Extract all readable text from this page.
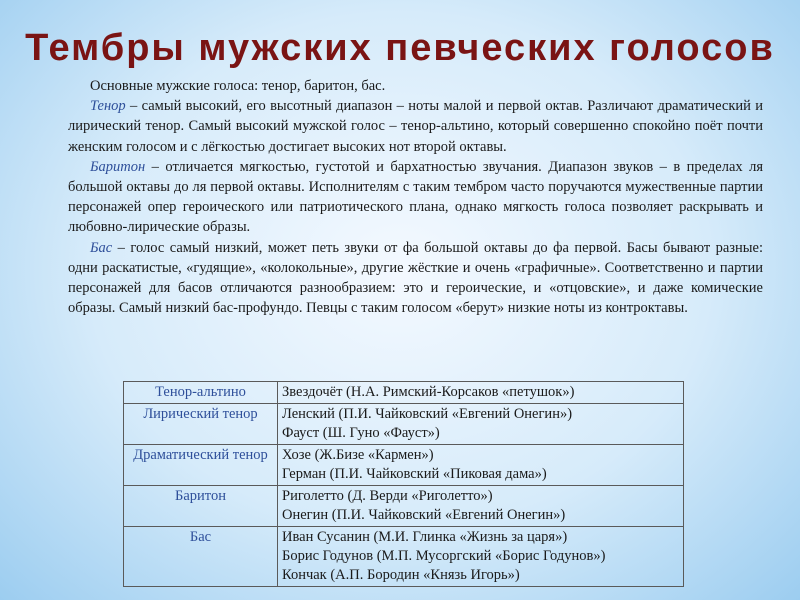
Тембры мужских певческих голосов
Основные мужские голоса: тенор, баритон, бас.

Тенор – самый высокий, его высотный диапазон – ноты малой и первой октав. Различают драматический и лирический тенор. Самый высокий мужской голос – тенор-альтино, который совершенно спокойно поёт почти женским голосом и с лёгкостью достигает высоких нот второй октавы.

Баритон – отличается мягкостью, густотой и бархатностью звучания. Диапазон звуков – в пределах ля большой октавы до ля первой октавы. Исполнителям с таким тембром часто поручаются мужественные партии персонажей опер героического или патриотического плана, однако мягкость голоса позволяет раскрывать и любовно-лирические образы.

Бас – голос самый низкий, может петь звуки от фа большой октавы до фа первой. Басы бывают разные: одни раскатистые, «гудящие», «колокольные», другие жёсткие и очень «графичные». Соответственно и партии персонажей для басов отличаются разнообразием: это и героические, и «отцовские», и даже комические образы. Самый низкий бас-профундо. Певцы с таким голосом «берут» низкие ноты из контроктавы.

Тенор-альтино	Звездочёт (Н.А. Римский-Корсаков «петушок»)

Лирический тенор	Ленский (П.И. Чайковский «Евгений Онегин»)
Фауст (Ш. Гуно «Фауст»)

Драматический тенор	Хозе (Ж.Бизе «Кармен»)
Герман (П.И. Чайковский «Пиковая дама»)

Баритон	Риголетто (Д. Верди «Риголетто»)
Онегин (П.И. Чайковский «Евгений Онегин»)

Бас	Иван Сусанин (М.И. Глинка «Жизнь за царя»)
Борис Годунов (М.П. Мусоргский «Борис Годунов»)
Кончак (А.П. Бородин «Князь Игорь»)
